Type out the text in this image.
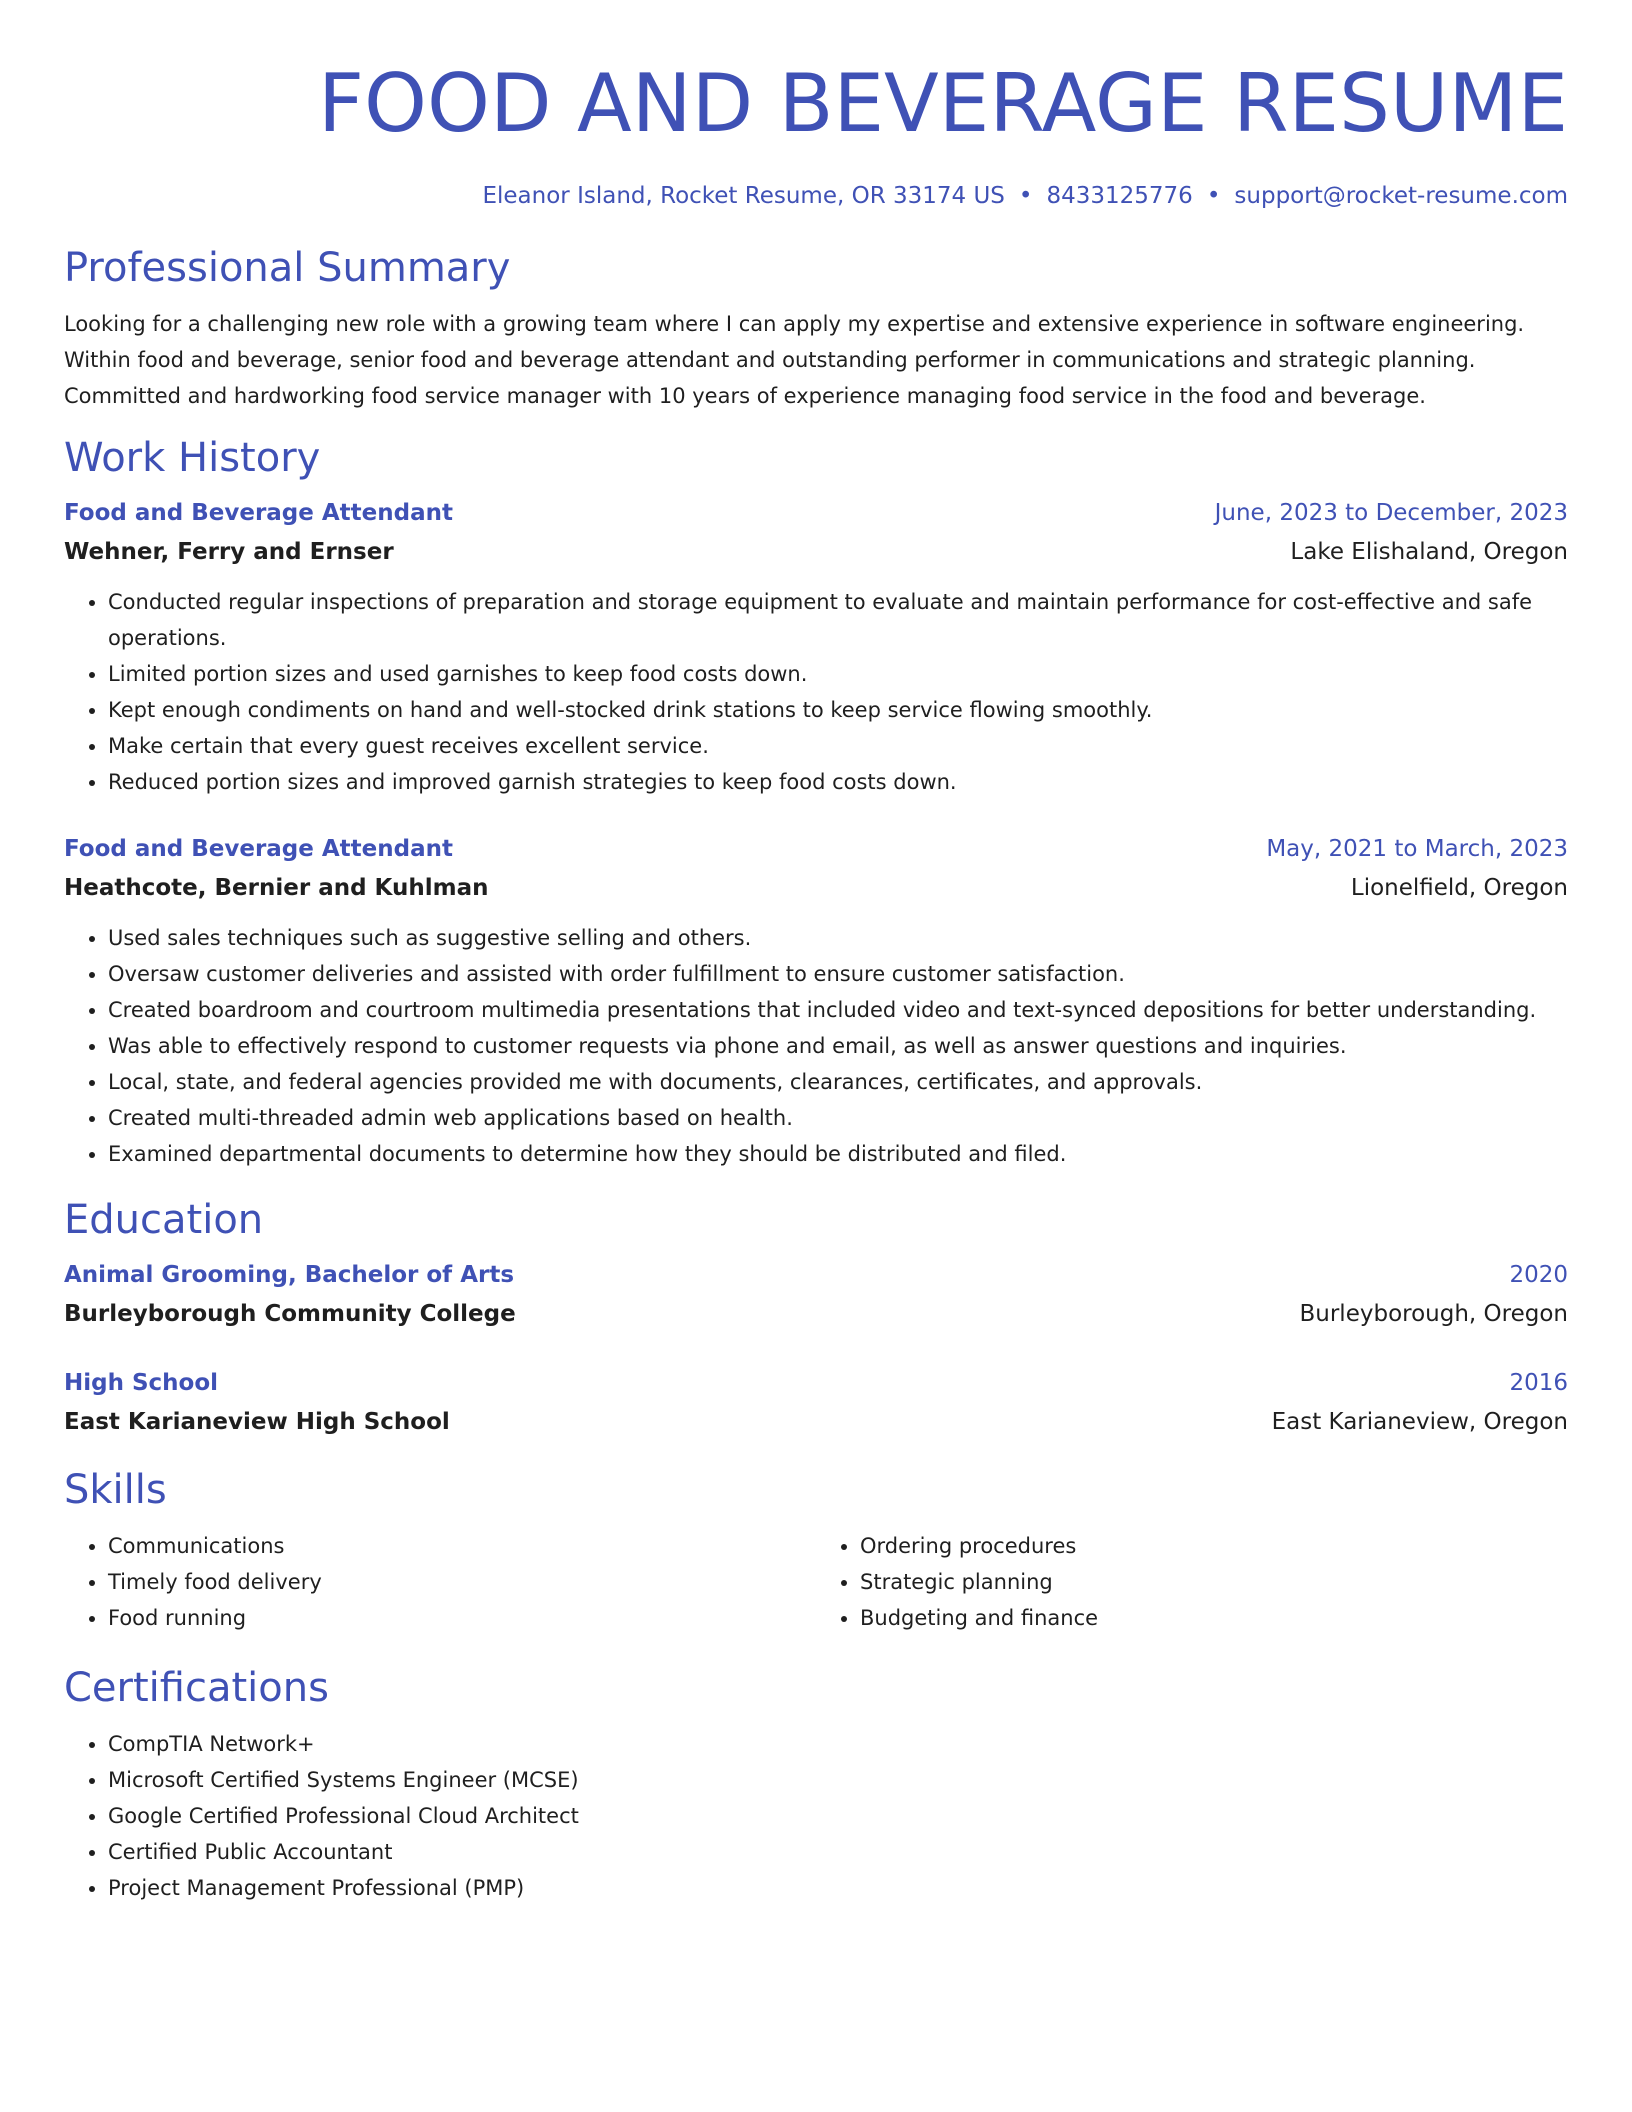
FOOD AND BEVERAGE RESUME
Eleanor Island, Rocket Resume, OR 33174 US • 8433125776 • support@rocket-resume.com
Professional Summary

Looking for a challenging new role with a growing team where I can apply my expertise and extensive experience in software engineering.

Within food and beverage, senior food and beverage attendant and outstanding performer in communications and strategic planning.

Committed and hardworking food service manager with 10 years of experience managing food service in the food and beverage.

Work History
Food and Beverage Attendant	June, 2023 to December, 2023
Wehner, Ferry and Ernser	Lake Elishaland, Oregon
• Conducted regular inspections of preparation and storage equipment to evaluate and maintain performance for cost-effective and safe operations.
• Limited portion sizes and used garnishes to keep food costs down.
• Kept enough condiments on hand and well-stocked drink stations to keep service flowing smoothly.
• Make certain that every guest receives excellent service.
• Reduced portion sizes and improved garnish strategies to keep food costs down.
Food and Beverage Attendant	May, 2021 to March, 2023
Heathcote, Bernier and Kuhlman	Lionelfield, Oregon
• Used sales techniques such as suggestive selling and others.
• Oversaw customer deliveries and assisted with order fulfillment to ensure customer satisfaction.
• Created boardroom and courtroom multimedia presentations that included video and text-synced depositions for better understanding.
• Was able to effectively respond to customer requests via phone and email, as well as answer questions and inquiries.
• Local, state, and federal agencies provided me with documents, clearances, certificates, and approvals.
• Created multi-threaded admin web applications based on health.
• Examined departmental documents to determine how they should be distributed and filed.
Education
Animal Grooming, Bachelor of Arts	2020
Burleyborough Community College	Burleyborough, Oregon
High School	2016
East Karianeview High School	East Karianeview, Oregon
Skills
• Communications
• Timely food delivery
• Food running
• Ordering procedures
• Strategic planning
• Budgeting and finance
Certifications
• CompTIA Network+
• Microsoft Certified Systems Engineer (MCSE)
• Google Certified Professional Cloud Architect
• Certified Public Accountant
• Project Management Professional (PMP)
